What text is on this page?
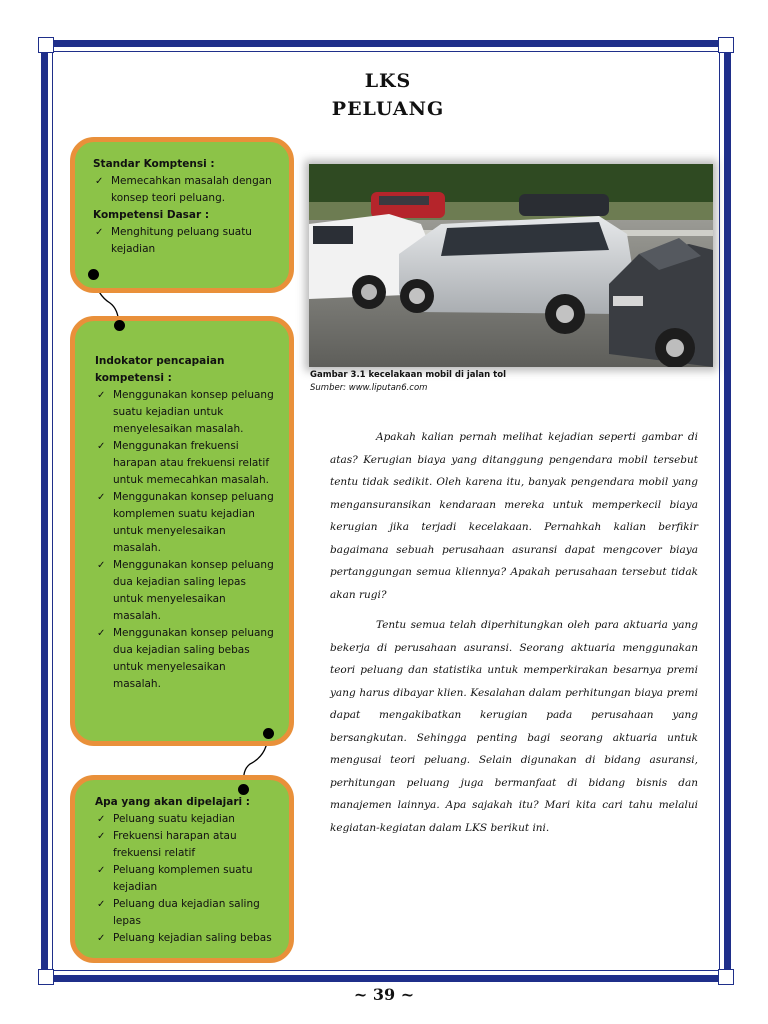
LKS
PELUANG
Standar Komptensi :
✓ Memecahkan masalah dengan konsep teori peluang.
Kompetensi Dasar :
✓ Menghitung peluang suatu kejadian
Indokator pencapaian kompetensi :
✓ Menggunakan konsep peluang suatu kejadian untuk menyelesaikan masalah.
✓ Menggunakan frekuensi harapan atau frekuensi relatif untuk memecahkan masalah.
✓ Menggunakan konsep peluang komplemen suatu kejadian untuk menyelesaikan masalah.
✓ Menggunakan konsep peluang dua kejadian saling lepas untuk menyelesaikan masalah.
✓ Menggunakan konsep peluang dua kejadian saling bebas untuk menyelesaikan masalah.
Apa yang akan dipelajari :
✓ Peluang suatu kejadian
✓ Frekuensi harapan atau frekuensi relatif
✓ Peluang komplemen suatu kejadian
✓ Peluang dua kejadian saling lepas
✓ Peluang kejadian saling bebas
Gambar 3.1 kecelakaan mobil di jalan tol
Sumber: www.liputan6.com

Apakah kalian pernah melihat kejadian seperti gambar di atas? Kerugian biaya yang ditanggung pengendara mobil tersebut tentu tidak sedikit. Oleh karena itu, banyak pengendara mobil yang mengansuransikan kendaraan mereka untuk memperkecil biaya kerugian jika terjadi kecelakaan. Pernahkah kalian berfikir bagaimana sebuah perusahaan asuransi dapat mengcover biaya pertanggungan semua kliennya? Apakah perusahaan tersebut tidak akan rugi?

Tentu semua telah diperhitungkan oleh para aktuaria yang bekerja di perusahaan asuransi. Seorang aktuaria menggunakan teori peluang dan statistika untuk memperkirakan besarnya premi yang harus dibayar klien. Kesalahan dalam perhitungan biaya premi dapat mengakibatkan kerugian pada perusahaan yang bersangkutan. Sehingga penting bagi seorang aktuaria untuk mengusai teori peluang. Selain digunakan di bidang asuransi, perhitungan peluang juga bermanfaat di bidang bisnis dan manajemen lainnya. Apa sajakah itu? Mari kita cari tahu melalui kegiatan-kegiatan dalam LKS berikut ini.

~ 39 ~
